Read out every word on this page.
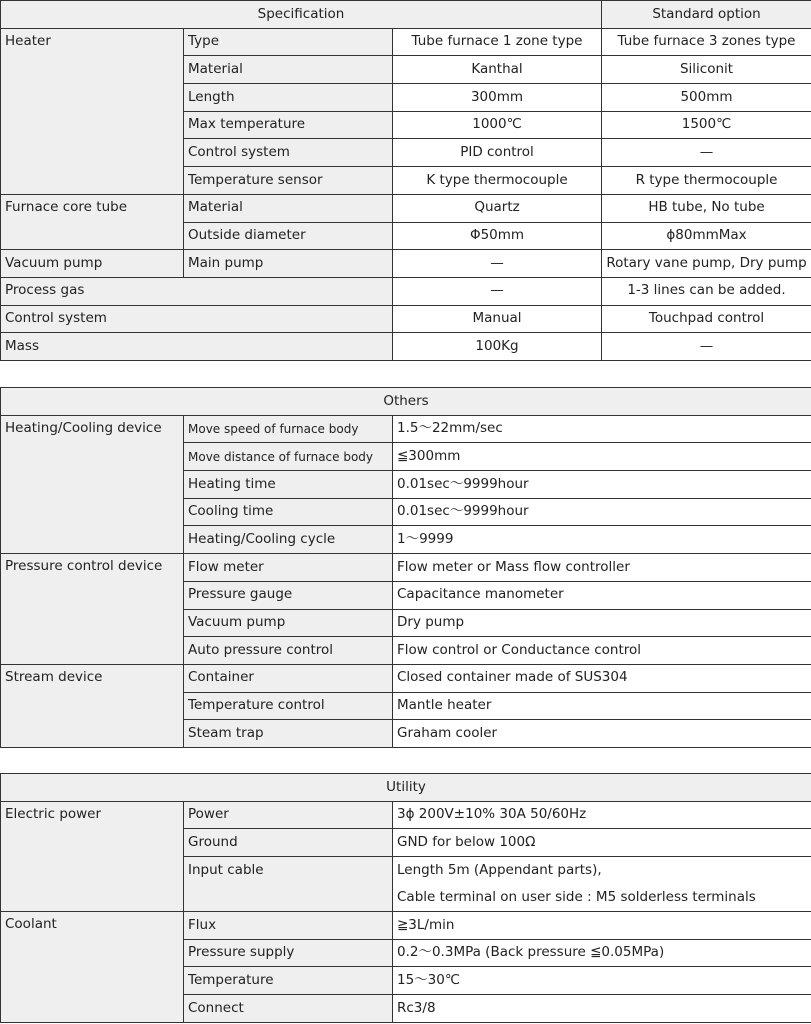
Specification			Standard option
Heater	Type	Tube furnace 1 zone type	Tube furnace 3 zones type
	Material	Kanthal	Siliconit
	Length	300mm	500mm
	Max temperature	1000℃	1500℃
	Control system	PID control	—
	Temperature sensor	K type thermocouple	R type thermocouple
Furnace core tube	Material	Quartz	HB tube, No tube
	Outside diameter	Φ50mm	ϕ80mmMax
Vacuum pump	Main pump	—	Rotary vane pump, Dry pump
Process gas		—	1-3 lines can be added.
Control system		Manual	Touchpad control
Mass		100Kg	—
Others		
Heating/Cooling device	Move speed of furnace body	1.5～22mm/sec
	Move distance of furnace body	≦300mm
	Heating time	0.01sec～9999hour
	Cooling time	0.01sec～9999hour
	Heating/Cooling cycle	1～9999
Pressure control device	Flow meter	Flow meter or Mass flow controller
	Pressure gauge	Capacitance manometer
	Vacuum pump	Dry pump
	Auto pressure control	Flow control or Conductance control
Stream device	Container	Closed container made of SUS304
	Temperature control	Mantle heater
	Steam trap	Graham cooler
Utility		
Electric power	Power	3ϕ 200V±10% 30A 50/60Hz
	Ground	GND for below 100Ω
	Input cable	Length 5m (Appendant parts),
Cable terminal on user side : M5 solderless terminals

Coolant	Flux	≧3L/min
	Pressure supply	0.2～0.3MPa (Back pressure ≦0.05MPa)
	Temperature	15～30℃
	Connect	Rc3/8
